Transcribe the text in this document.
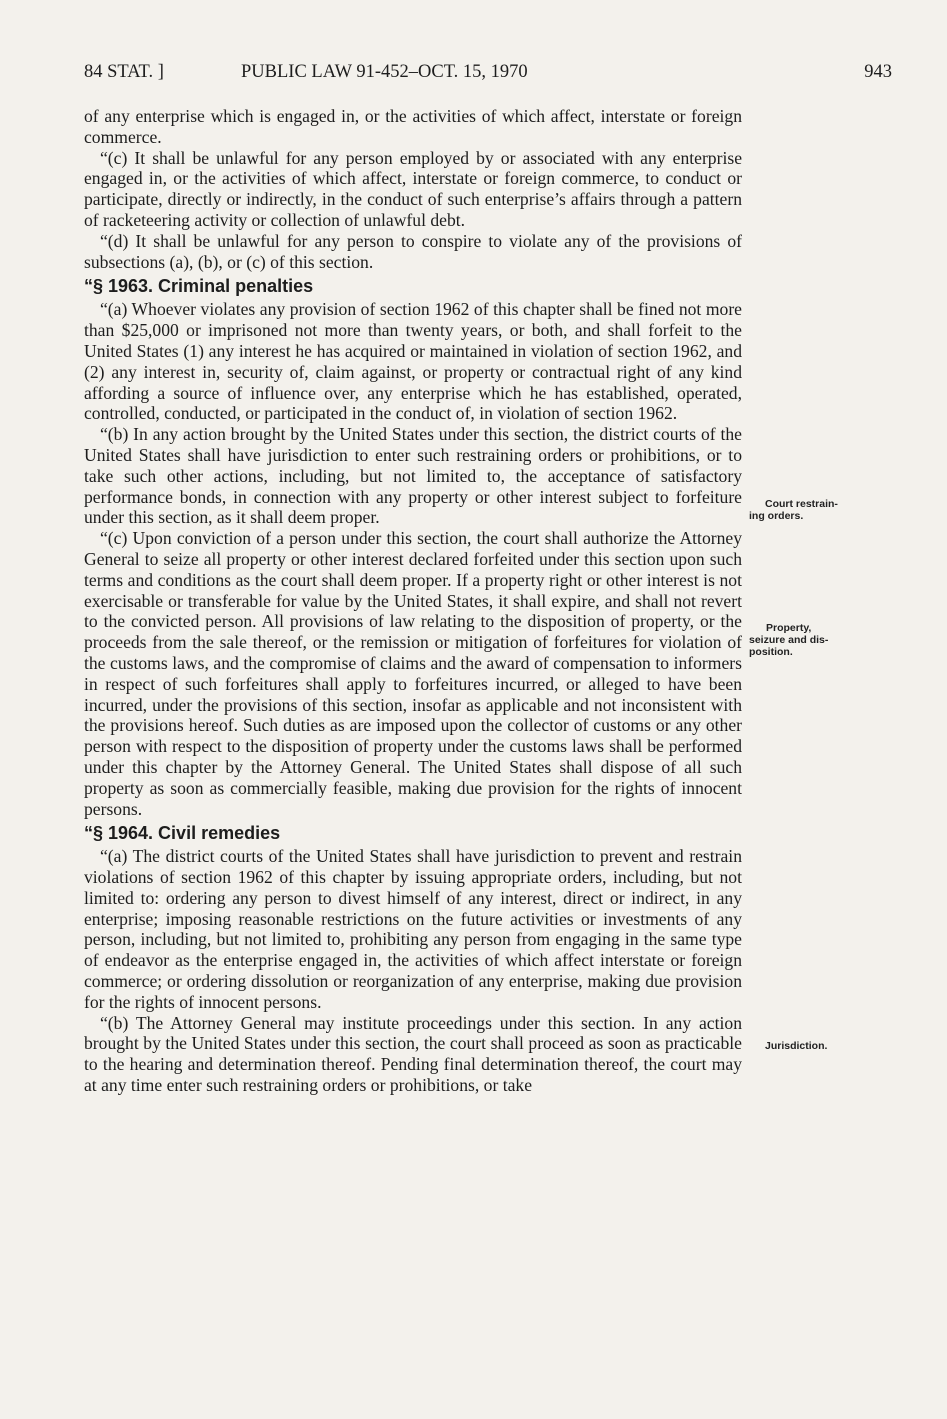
84 STAT. ]	PUBLIC LAW 91-452–OCT. 15, 1970	943

of any enterprise which is engaged in, or the activities of which affect, interstate or foreign commerce.

“(c) It shall be unlawful for any person employed by or associated with any enterprise engaged in, or the activities of which affect, interstate or foreign commerce, to conduct or participate, directly or indirectly, in the conduct of such enterprise’s affairs through a pattern of racketeering activity or collection of unlawful debt.

“(d) It shall be unlawful for any person to conspire to violate any of the provisions of subsections (a), (b), or (c) of this section.

“§ 1963. Criminal penalties

“(a) Whoever violates any provision of section 1962 of this chapter shall be fined not more than $25,000 or imprisoned not more than twenty years, or both, and shall forfeit to the United States (1) any interest he has acquired or maintained in violation of section 1962, and (2) any interest in, security of, claim against, or property or contractual right of any kind affording a source of influence over, any enterprise which he has established, operated, controlled, conducted, or participated in the conduct of, in violation of section 1962.

“(b) In any action brought by the United States under this section, the district courts of the United States shall have jurisdiction to enter such restraining orders or prohibitions, or to take such other actions, including, but not limited to, the acceptance of satisfactory performance bonds, in connection with any property or other interest subject to forfeiture under this section, as it shall deem proper.

“(c) Upon conviction of a person under this section, the court shall authorize the Attorney General to seize all property or other interest declared forfeited under this section upon such terms and conditions as the court shall deem proper. If a property right or other interest is not exercisable or transferable for value by the United States, it shall expire, and shall not revert to the convicted person. All provisions of law relating to the disposition of property, or the proceeds from the sale thereof, or the remission or mitigation of forfeitures for violation of the customs laws, and the compromise of claims and the award of compensation to informers in respect of such forfeitures shall apply to forfeitures incurred, or alleged to have been incurred, under the provisions of this section, insofar as applicable and not inconsistent with the provisions hereof. Such duties as are imposed upon the collector of customs or any other person with respect to the disposition of property under the customs laws shall be performed under this chapter by the Attorney General. The United States shall dispose of all such property as soon as commercially feasible, making due provision for the rights of innocent persons.

“§ 1964. Civil remedies

“(a) The district courts of the United States shall have jurisdiction to prevent and restrain violations of section 1962 of this chapter by issuing appropriate orders, including, but not limited to: ordering any person to divest himself of any interest, direct or indirect, in any enterprise; imposing reasonable restrictions on the future activities or investments of any person, including, but not limited to, prohibiting any person from engaging in the same type of endeavor as the enterprise engaged in, the activities of which affect interstate or foreign commerce; or ordering dissolution or reorganization of any enterprise, making due provision for the rights of innocent persons.

“(b) The Attorney General may institute proceedings under this section. In any action brought by the United States under this section, the court shall proceed as soon as practicable to the hearing and determination thereof. Pending final determination thereof, the court may at any time enter such restraining orders or prohibitions, or take

Court restrain-
ing orders.
Property,
seizure and dis-
position.
Jurisdiction.
